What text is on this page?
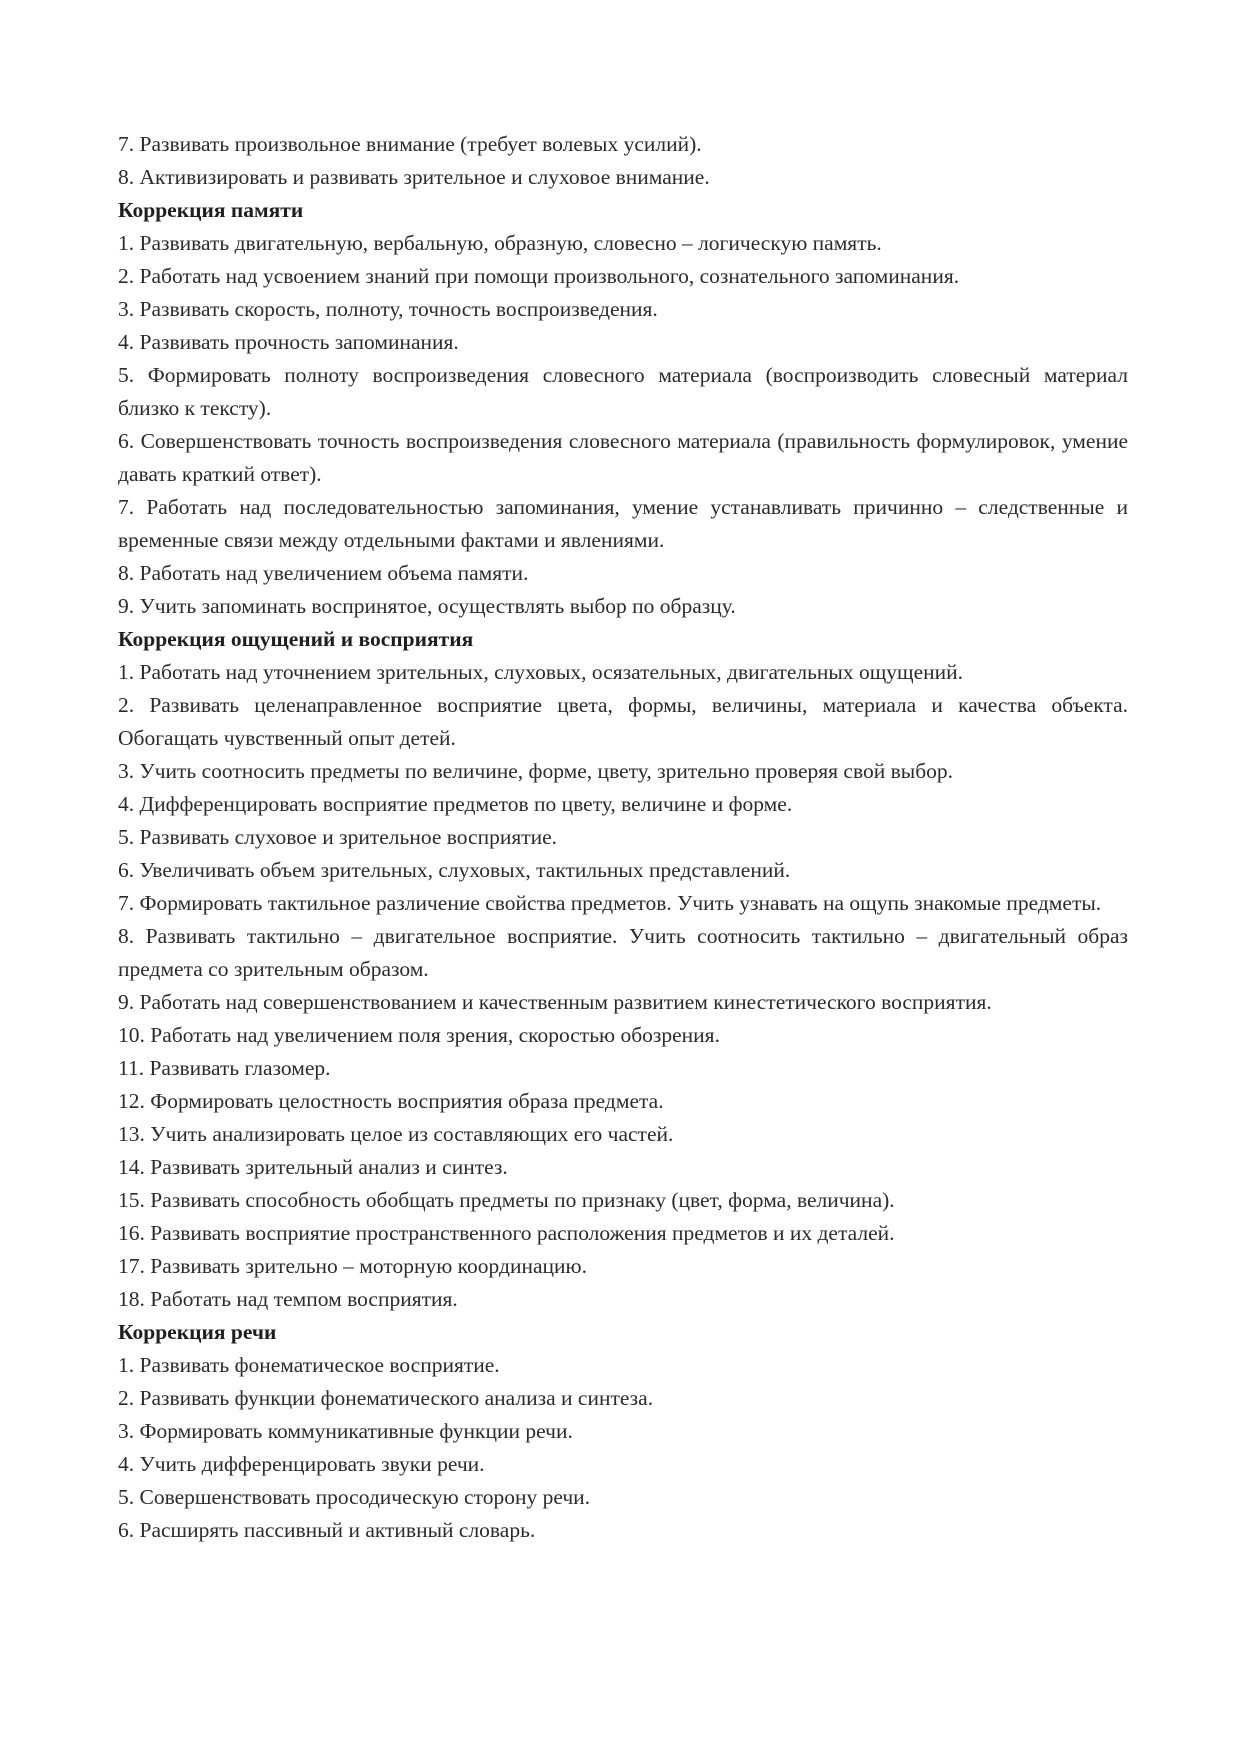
7. Развивать произвольное внимание (требует волевых усилий).

8. Активизировать и развивать зрительное и слуховое внимание.

Коррекция памяти

1. Развивать двигательную, вербальную, образную, словесно – логическую память.

2. Работать над усвоением знаний при помощи произвольного, сознательного запоминания.

3. Развивать скорость, полноту, точность воспроизведения.

4. Развивать прочность запоминания.

5. Формировать полноту воспроизведения словесного материала (воспроизводить словесный материал близко к тексту).

6. Совершенствовать точность воспроизведения словесного материала (правильность формулировок, умение давать краткий ответ).

7. Работать над последовательностью запоминания, умение устанавливать причинно – следственные и временные связи между отдельными фактами и явлениями.

8. Работать над увеличением объема памяти.

9. Учить запоминать воспринятое, осуществлять выбор по образцу.

Коррекция ощущений и восприятия

1. Работать над уточнением зрительных, слуховых, осязательных, двигательных ощущений.

2. Развивать целенаправленное восприятие цвета, формы, величины, материала и качества объекта. Обогащать чувственный опыт детей.

3. Учить соотносить предметы по величине, форме, цвету, зрительно проверяя свой выбор.

4. Дифференцировать восприятие предметов по цвету, величине и форме.

5. Развивать слуховое и зрительное восприятие.

6. Увеличивать объем зрительных, слуховых, тактильных представлений.

7. Формировать тактильное различение свойства предметов. Учить узнавать на ощупь знакомые предметы.

8. Развивать тактильно – двигательное восприятие. Учить соотносить тактильно – двигательный образ предмета со зрительным образом.

9. Работать над совершенствованием и качественным развитием кинестетического восприятия.

10. Работать над увеличением поля зрения, скоростью обозрения.

11. Развивать глазомер.

12. Формировать целостность восприятия образа предмета.

13. Учить анализировать целое из составляющих его частей.

14. Развивать зрительный анализ и синтез.

15. Развивать способность обобщать предметы по признаку (цвет, форма, величина).

16. Развивать восприятие пространственного расположения предметов и их деталей.

17. Развивать зрительно – моторную координацию.

18. Работать над темпом восприятия.

Коррекция речи

1. Развивать фонематическое восприятие.

2. Развивать функции фонематического анализа и синтеза.

3. Формировать коммуникативные функции речи.

4. Учить дифференцировать звуки речи.

5. Совершенствовать просодическую сторону речи.

6. Расширять пассивный и активный словарь.
